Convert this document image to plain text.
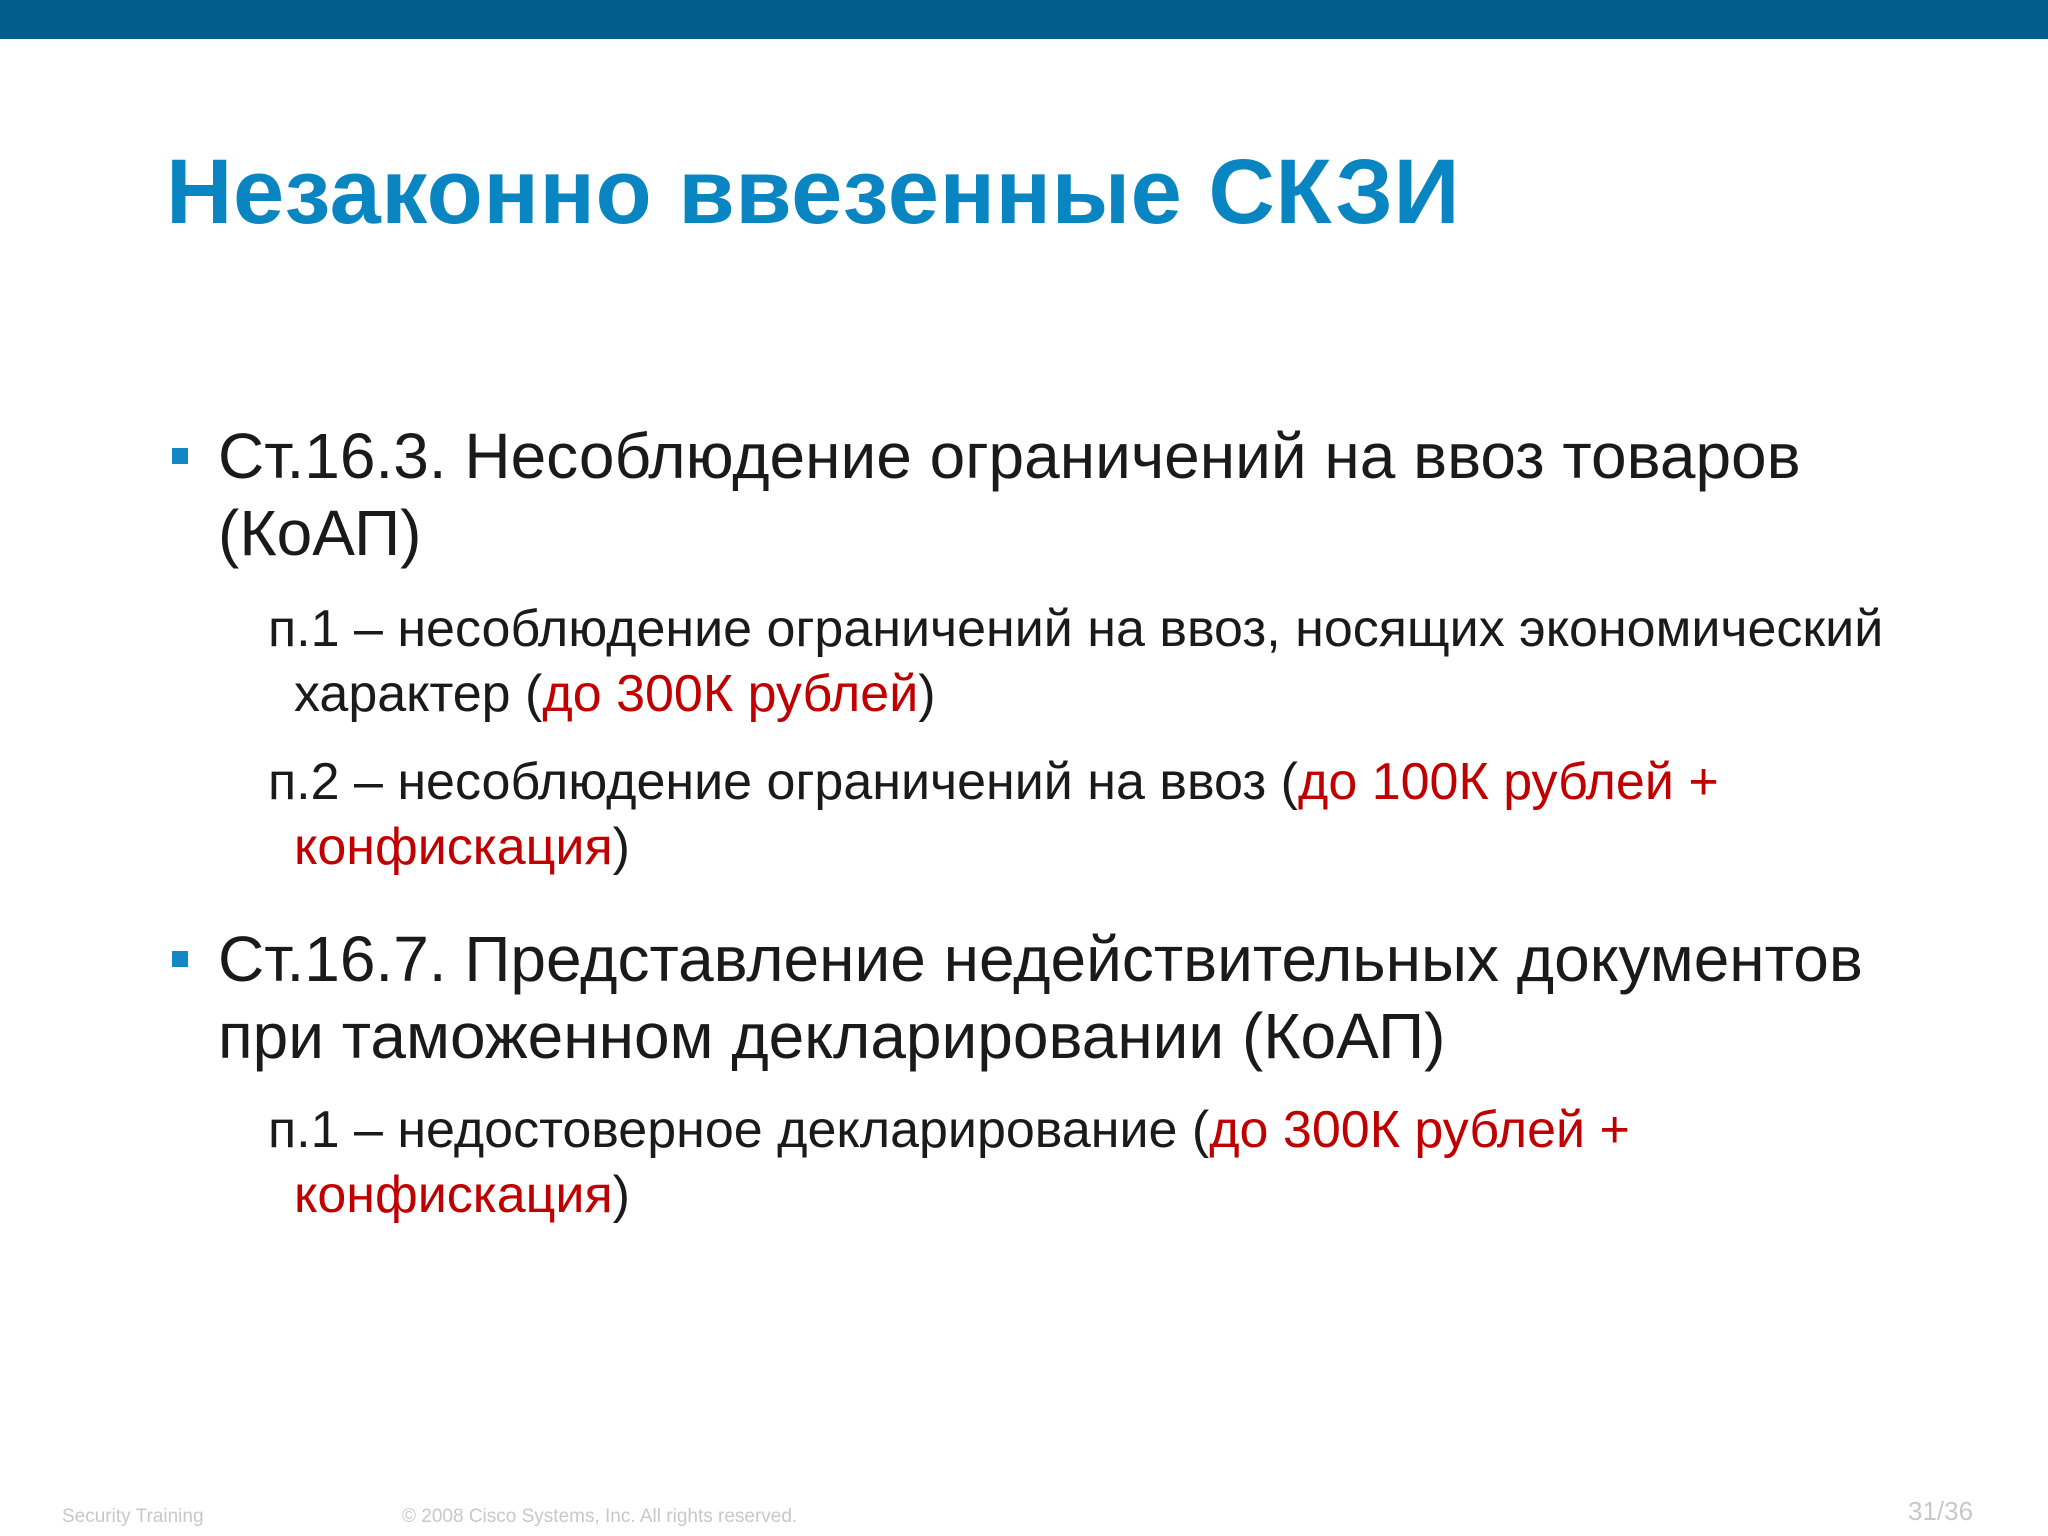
Незаконно ввезенные СКЗИ

Ст.16.3. Несоблюдение ограничений на ввоз товаров (КоАП)

п.1 – несоблюдение ограничений на ввоз, носящих экономический характер (до 300К рублей)

п.2 – несоблюдение ограничений на ввоз (до 100К рублей + конфискация)

Ст.16.7. Представление недействительных документов при таможенном декларировании (КоАП)

п.1 – недостоверное декларирование (до 300К рублей + конфискация)

Security Training	© 2008 Cisco Systems, Inc. All rights reserved.	31/36
